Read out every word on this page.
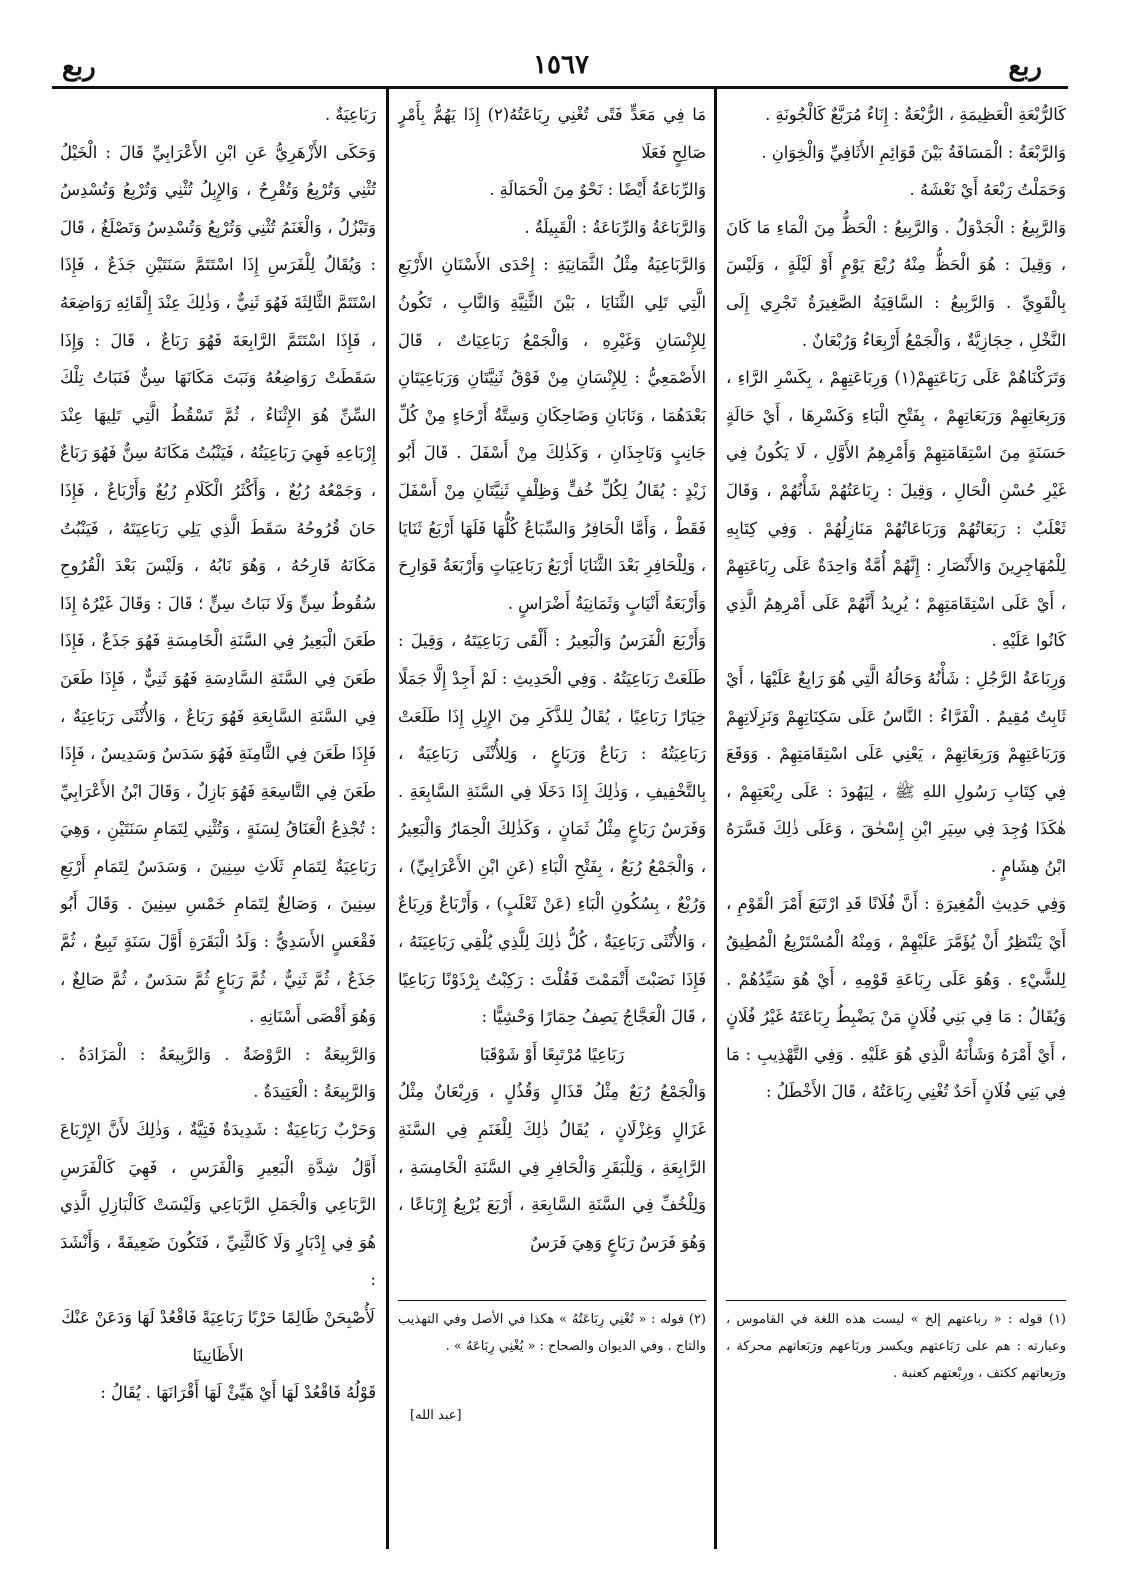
ربع
١٥٦٧
ربع

كَالرُّبْعَةِ الْعَظِيمَةِ ، الرُّبْعَةُ : إِنَاءٌ مُرَبَّعٌ كَالْجُونَةِ .

وَالرَّبْعَةُ : الْمَسَافَةُ بَيْنَ قَوَائِمِ الأَثَافِيِّ وَالْخِوَانِ .

وَحَمَلْتُ رَبْعَهُ أَيْ نَعْشَهُ .

وَالرَّبِيعُ : الْجَدْوَلُ . وَالرَّبِيعُ : الْحَظُّ مِنَ الْمَاءِ مَا كَانَ ، وَقِيلَ : هُوَ الْحَظُّ مِنْهُ رُبْعَ يَوْمٍ أَوْ لَيْلَةٍ ، وَلَيْسَ بِالْقَوِيِّ . وَالرَّبِيعُ : السَّاقِيَةُ الصَّغِيرَةُ تَجْرِي إِلَى النَّخْلِ ، حِجَازِيَّةٌ ، وَالْجَمْعُ أَرْبِعَاءُ وَرُبْعَانٌ .

وَتَرَكْنَاهُمْ عَلَى رَبَاعَتِهِمْ(١) وَرِبَاعَتِهِمْ ، بِكَسْرِ الرَّاءِ ، وَرَبِعَاتِهِمْ وَرَبَعَاتِهِمْ ، بِفَتْحِ الْبَاءِ وَكَسْرِهَا ، أَيْ حَالَةٍ حَسَنَةٍ مِنَ اسْتِقَامَتِهِمْ وَأَمْرِهِمُ الأَوَّلِ ، لَا يَكُونُ فِي غَيْرِ حُسْنِ الْحَالِ ، وَقِيلَ : رِبَاعَتُهُمْ شَأْنُهُمْ ، وَقَالَ ثَعْلَبٌ : رَبَعَاتُهُمْ وَرَبَاعَاتُهُمْ مَنَازِلُهُمْ . وَفِي كِتَابِهِ لِلْمُهَاجِرِينَ وَالأَنْصَارِ : إِنَّهُمْ أُمَّةٌ وَاحِدَةٌ عَلَى رِبَاعَتِهِمْ ، أَيْ عَلَى اسْتِقَامَتِهِمْ ؛ يُرِيدُ أَنَّهُمْ عَلَى أَمْرِهِمُ الَّذِي كَانُوا عَلَيْهِ .

وَرِبَاعَةُ الرَّجُلِ : شَأْنُهُ وَحَالُهُ الَّتِي هُوَ رَابِعٌ عَلَيْهَا ، أَيْ ثَابِتٌ مُقِيمٌ . الْفَرَّاءُ : النَّاسُ عَلَى سَكِنَاتِهِمْ وَنَزِلَاتِهِمْ وَرَبَاعَتِهِمْ وَرَبِعَاتِهِمْ ، يَعْنِي عَلَى اسْتِقَامَتِهِمْ . وَوَقَعَ فِي كِتَابِ رَسُولِ اللهِ ﷺ ، لِيَهُودَ : عَلَى رِبْعَتِهِمْ ، هٰكَذَا وُجِدَ فِي سِيَرِ ابْنِ إِسْحٰقَ ، وَعَلَى ذٰلِكَ فَسَّرَهُ ابْنُ هِشَامٍ .

وَفِي حَدِيثِ الْمُغِيرَةِ : أَنَّ فُلَانًا قَدِ ارْتَبَعَ أَمْرَ الْقَوْمِ ، أَيْ يَنْتَظِرُ أَنْ يُؤَمَّرَ عَلَيْهِمْ ، وَمِنْهُ الْمُسْتَرْبِعُ الْمُطِيقُ لِلشَّيْءِ . وَهُوَ عَلَى رِبَاعَةِ قَوْمِهِ ، أَيْ هُوَ سَيِّدُهُمْ . وَيُقَالُ : مَا فِي بَنِي فُلَانٍ مَنْ يَضْبِطُ رِبَاعَتَهُ غَيْرُ فُلَانٍ ، أَيْ أَمْرَهُ وَشَأْنَهُ الَّذِي هُوَ عَلَيْهِ . وَفِي التَّهْذِيبِ : مَا فِي بَنِي فُلَانٍ أَحَدٌ تُغْنِي رِبَاعَتُهُ ، قَالَ الأَخْطَلُ :

(١) قوله : « رباعتهم إلخ » ليست هذه اللغة في القاموس ، وعبارته : هم على رَبَاعتهم ويكسر وربَاعهم ورَبَعاتهم محركة ، ورَبِعاتهم ككتف ، ورِبْعتهم كعنبة .

مَا فِي مَعَدٍّ فَتًى تُغْنِي رِبَاعَتُهُ(٢) إِذَا يَهُمُّ بِأَمْرٍ صَالِحٍ فَعَلَا

وَالرِّبَاعَةُ أَيْضًا : نَحْوٌ مِنَ الْحَمَالَةِ .

وَالرَّبَاعَةُ وَالرِّبَاعَةُ : الْقَبِيلَةُ .

وَالرَّبَاعِيَةُ مِثْلُ الثَّمَانِيَةِ : إِحْدَى الأَسْنَانِ الأَرْبَعِ الَّتِي تَلِي الثَّنَايَا ، بَيْنَ الثَّنِيَّةِ وَالنَّابِ ، تَكُونُ لِلإِنْسَانِ وَغَيْرِهِ ، وَالْجَمْعُ رَبَاعِيَاتٌ ، قَالَ الأَصْمَعِيُّ : لِلإِنْسَانِ مِنْ فَوْقُ ثَنِيَّتَانِ وَرَبَاعِيَتَانِ بَعْدَهُمَا ، وَنَابَانِ وَضَاحِكَانِ وَسِتَّةُ أَرْحَاءٍ مِنْ كُلِّ جَانِبٍ وَنَاجِذَانِ ، وَكَذٰلِكَ مِنْ أَسْفَلَ . قَالَ أَبُو زَيْدٍ : يُقَالُ لِكُلِّ خُفٍّ وَظِلْفٍ ثَنِيَّتَانِ مِنْ أَسْفَلَ فَقَطْ ، وَأَمَّا الْحَافِرُ وَالسِّبَاعُ كُلُّهَا فَلَهَا أَرْبَعُ ثَنَايَا ، وَلِلْحَافِرِ بَعْدَ الثَّنَايَا أَرْبَعُ رَبَاعِيَاتٍ وَأَرْبَعَةُ قَوَارِحَ وَأَرْبَعَةُ أَنْيَابٍ وَثَمَانِيَةُ أَضْرَاسٍ .

وَأَرْبَعَ الْفَرَسُ وَالْبَعِيرُ : أَلْقَى رَبَاعِيَتَهُ ، وَقِيلَ : طَلَعَتْ رَبَاعِيَتُهُ . وَفِي الْحَدِيثِ : لَمْ أَجِدْ إِلَّا جَمَلًا خِيَارًا رَبَاعِيًا ، يُقَالُ لِلذَّكَرِ مِنَ الإِبِلِ إِذَا طَلَعَتْ رَبَاعِيَتُهُ : رَبَاعٌ وَرَبَاعٍ ، وَلِلأُنْثَى رَبَاعِيَةٌ ، بِالتَّخْفِيفِ ، وَذٰلِكَ إِذَا دَخَلَا فِي السَّنَةِ السَّابِعَةِ . وَفَرَسٌ رَبَاعٍ مِثْلُ ثَمَانٍ ، وَكَذٰلِكَ الْحِمَارُ وَالْبَعِيرُ ، وَالْجَمْعُ رُبَعٌ ، بِفَتْحِ الْبَاءِ (عَنِ ابْنِ الأَعْرَابِيِّ) ، وَرُبْعٌ ، بِسُكُونِ الْبَاءِ (عَنْ ثَعْلَبٍ) ، وَأَرْبَاعٌ وَرِبَاعٌ ، وَالأُنْثَى رَبَاعِيَةٌ ، كُلُّ ذٰلِكَ لِلَّذِي يُلْقِي رَبَاعِيَتَهُ ، فَإِذَا نَصَبْتَ أَتْمَمْتَ فَقُلْتَ : رَكِبْتُ بِرْذَوْنًا رَبَاعِيًا ، قَالَ الْعَجَّاجُ يَصِفُ حِمَارًا وَحْشِيًّا :

رَبَاعِيًا مُرْتَبِعًا أَوْ شَوْقَبَا

وَالْجَمْعُ رُبَعٌ مِثْلُ قَذَالٍ وَقُذُلٍ ، وَرِبْعَانٌ مِثْلُ غَزَالٍ وَغِزْلَانٍ ، يُقَالُ ذٰلِكَ لِلْغَنَمِ فِي السَّنَةِ الرَّابِعَةِ ، وَلِلْبَقَرِ وَالْحَافِرِ فِي السَّنَةِ الْخَامِسَةِ ، وَلِلْخُفِّ فِي السَّنَةِ السَّابِعَةِ ، أَرْبَعَ يُرْبِعُ إِرْبَاعًا ، وَهُوَ فَرَسٌ رَبَاعٍ وَهِيَ فَرَسٌ

(٢) قوله : « تُغْنِي رِبَاعَتُهُ » هكذا في الأصل وفي التهذيب والتاج . وفي الديوان والصحاح : « يُغْنِي رِبَاعَهُ » .

[عبد الله]

رَبَاعِيَةٌ .

وَحَكَى الأَزْهَرِيُّ عَنِ ابْنِ الأَعْرَابِيِّ قَالَ : الْخَيْلُ تُثْنِي وَتُرْبِعُ وَتُقْرِحُ ، وَالإِبِلُ تُثْنِي وَتُرْبِعُ وَتُسْدِسُ وَتَبْزُلُ ، وَالْغَنَمُ تُثْنِي وَتُرْبِعُ وَتُسْدِسُ وَتَصْلَغُ ، قَالَ : وَيُقَالُ لِلْفَرَسِ إِذَا اسْتَتَمَّ سَنَتَيْنِ جَذَعٌ ، فَإِذَا اسْتَتَمَّ الثَّالِثَةَ فَهُوَ ثَنِيٌّ ، وَذٰلِكَ عِنْدَ إِلْقَائِهِ رَوَاضِعَهُ ، فَإِذَا اسْتَتَمَّ الرَّابِعَةَ فَهُوَ رَبَاعٌ ، قَالَ : وَإِذَا سَقَطَتْ رَوَاضِعُهُ وَنَبَتَ مَكَانَهَا سِنٌّ فَنَبَاتُ تِلْكَ السِّنِّ هُوَ الإِثْنَاءُ ، ثُمَّ تَسْقُطُ الَّتِي تَلِيهَا عِنْدَ إِرْبَاعِهِ فَهِيَ رَبَاعِيَتُهُ ، فَيَنْبُتُ مَكَانَهُ سِنٌّ فَهُوَ رَبَاعٌ ، وَجَمْعُهُ رُبُعٌ ، وَأَكْثَرُ الْكَلَامِ رُبُعٌ وَأَرْبَاعٌ ، فَإِذَا حَانَ قُرُوحُهُ سَقَطَ الَّذِي يَلِي رَبَاعِيَتَهُ ، فَيَنْبُتُ مَكَانَهُ قَارِحُهُ ، وَهُوَ نَابُهُ ، وَلَيْسَ بَعْدَ الْقُرُوحِ سُقُوطُ سِنٍّ وَلَا نَبَاتُ سِنٍّ ؛ قَالَ : وَقَالَ غَيْرُهُ إِذَا طَعَنَ الْبَعِيرُ فِي السَّنَةِ الْخَامِسَةِ فَهُوَ جَذَعٌ ، فَإِذَا طَعَنَ فِي السَّنَةِ السَّادِسَةِ فَهُوَ ثَنِيٌّ ، فَإِذَا طَعَنَ فِي السَّنَةِ السَّابِعَةِ فَهُوَ رَبَاعٌ ، وَالأُنْثَى رَبَاعِيَةٌ ، فَإِذَا طَعَنَ فِي الثَّامِنَةِ فَهُوَ سَدَسٌ وَسَدِيسٌ ، فَإِذَا طَعَنَ فِي التَّاسِعَةِ فَهُوَ بَازِلٌ ، وَقَالَ ابْنُ الأَعْرَابِيِّ : تُجْذِعُ الْعَنَاقُ لِسَنَةٍ ، وَتُثْنِي لِتَمَامِ سَنَتَيْنِ ، وَهِيَ رَبَاعِيَةٌ لِتَمَامِ ثَلَاثِ سِنِينَ ، وَسَدَسٌ لِتَمَامِ أَرْبَعِ سِنِينَ ، وَصَالِغٌ لِتَمَامِ خَمْسِ سِنِينَ . وَقَالَ أَبُو فَقْعَسٍ الأَسَدِيُّ : وَلَدُ الْبَقَرَةِ أَوَّلَ سَنَةٍ تَبِيعٌ ، ثُمَّ جَذَعٌ ، ثُمَّ ثَنِيٌّ ، ثُمَّ رَبَاعٍ ثُمَّ سَدَسٌ ، ثُمَّ صَالِغٌ ، وَهُوَ أَقْصَى أَسْنَانِهِ .

وَالرَّبِيعَةُ : الرَّوْضَةُ . وَالرَّبِيعَةُ : الْمَزَادَةُ . وَالرَّبِيعَةُ : الْعَتِيدَةُ .

وَحَرْبٌ رَبَاعِيَةٌ : شَدِيدَةٌ فَتِيَّةٌ ، وَذٰلِكَ لأَنَّ الإِرْبَاعَ أَوَّلُ شِدَّةِ الْبَعِيرِ وَالْفَرَسِ ، فَهِيَ كَالْفَرَسِ الرَّبَاعِي وَالْجَمَلِ الرَّبَاعِي وَلَيْسَتْ كَالْبَازِلِ الَّذِي هُوَ فِي إِدْبَارٍ وَلَا كَالثَّنِيِّ ، فَتَكُونَ ضَعِيفَةً ، وَأَنْشَدَ :

لَأُصْبِحَنْ ظَالِمًا حَرْبًا رَبَاعِيَةً فَاقْعُدْ لَهَا وَدَعَنْ عَنْكَ الأَظَانِينَا

قَوْلُهُ فَاقْعُدْ لَهَا أَيْ هَيِّئْ لَهَا أَقْرَانَهَا . يُقَالُ :
